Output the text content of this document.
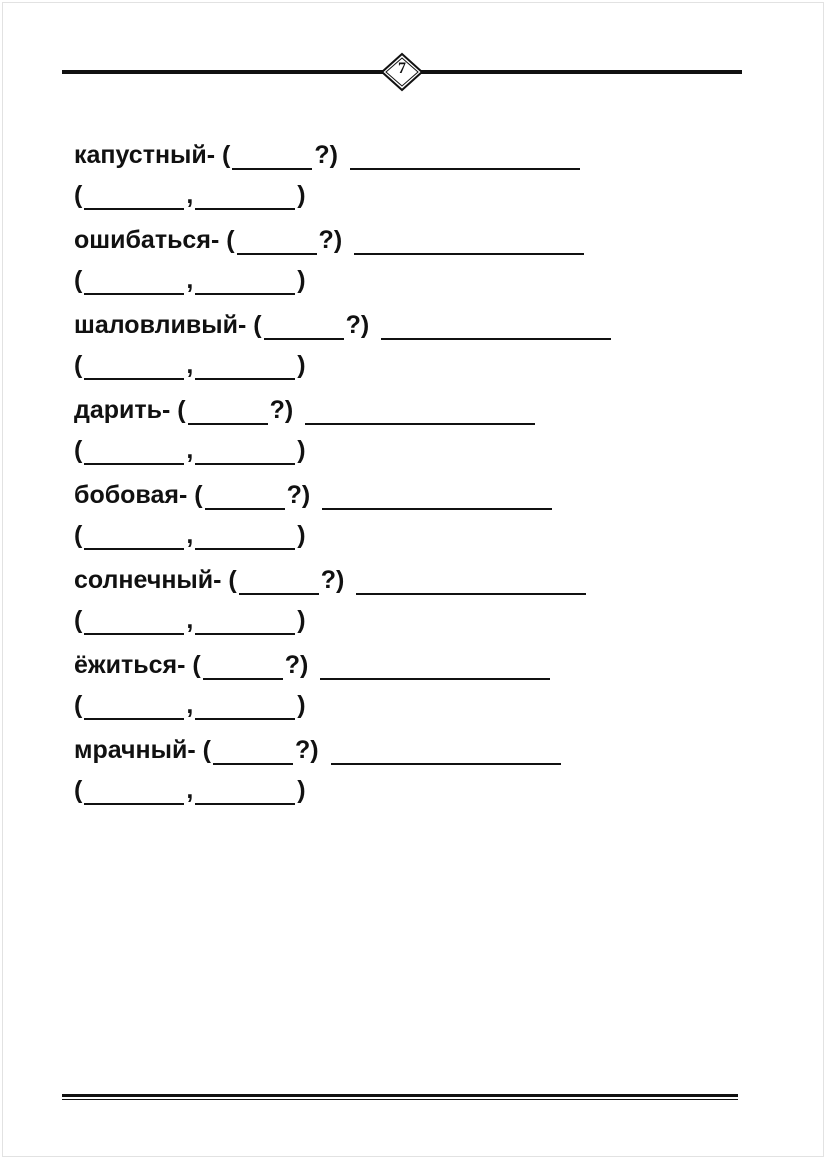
7
капустный - (	?)
(	,	)
ошибаться - (	?)
(	,	)
шаловливый - (	?)
(	,	)
дарить - (	?)
(	,	)
бобовая - (	?)
(	,	)
солнечный - (	?)
(	,	)
ёжиться - (	?)
(	,	)
мрачный - (	?)
(	,	)
